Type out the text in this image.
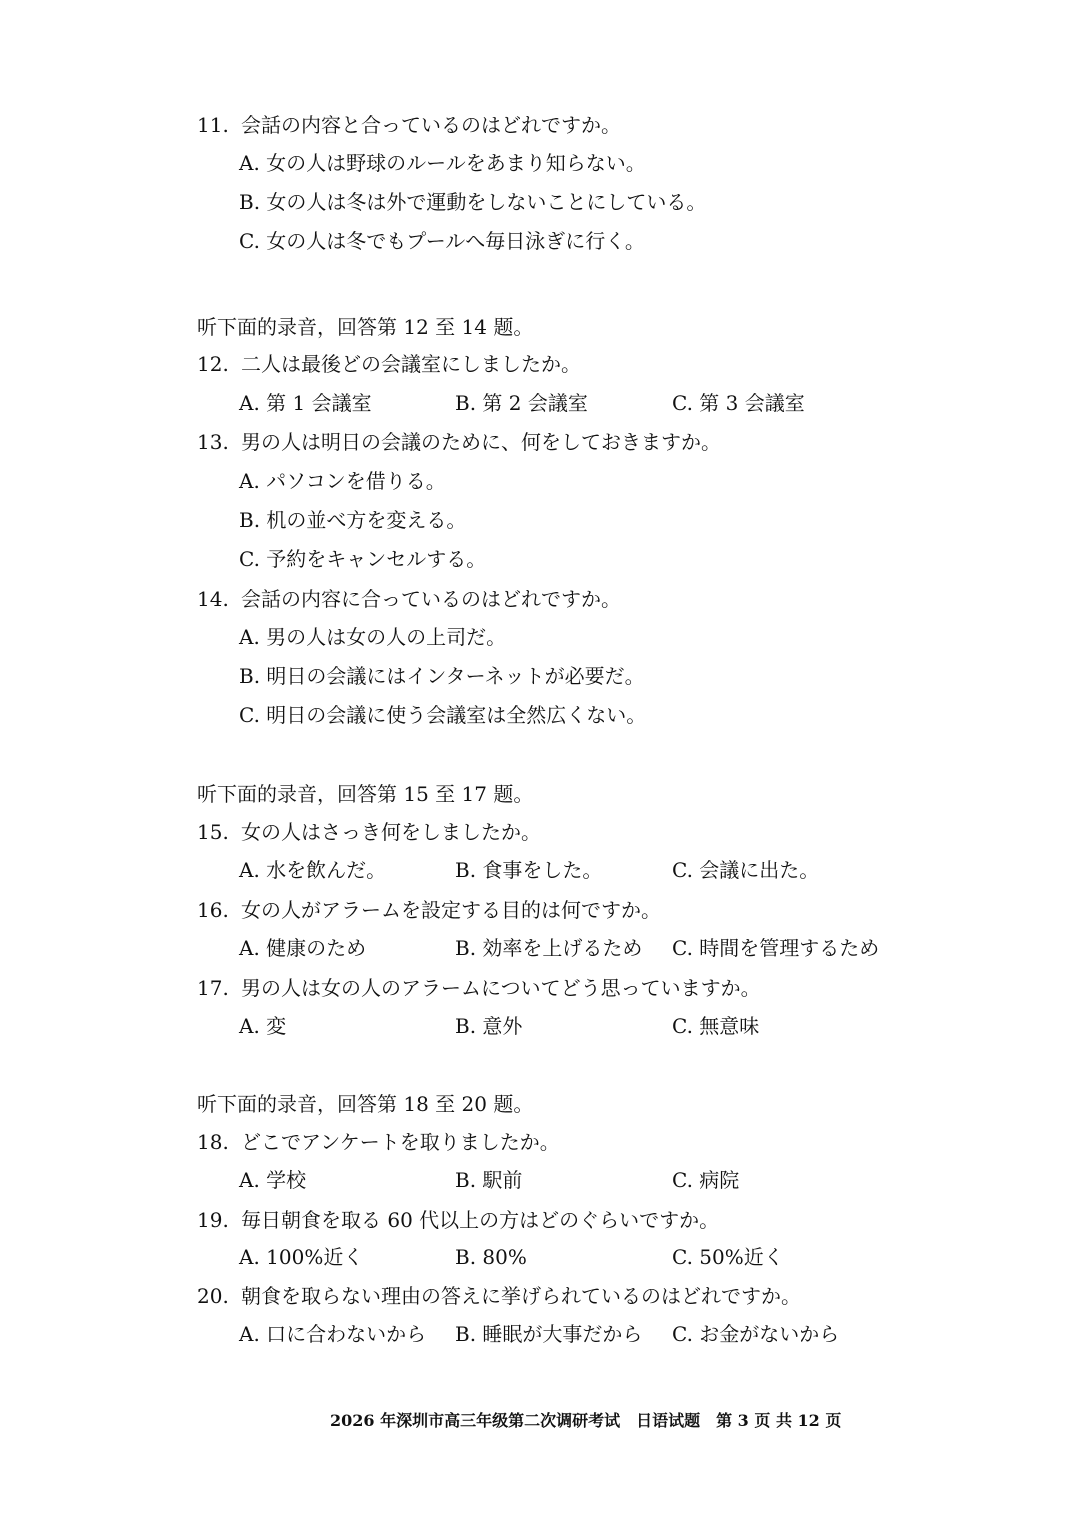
11. 会話の内容と合っているのはどれですか。
A. 女の人は野球のルールをあまり知らない。
B. 女の人は冬は外で運動をしないことにしている。
C. 女の人は冬でもプールへ毎日泳ぎに行く。
听下面的录音，回答第 12 至 14 题。
12. 二人は最後どの会議室にしましたか。
A. 第 1 会議室	B. 第 2 会議室	C. 第 3 会議室
13. 男の人は明日の会議のために、何をしておきますか。
A. パソコンを借りる。
B. 机の並べ方を変える。
C. 予約をキャンセルする。
14. 会話の内容に合っているのはどれですか。
A. 男の人は女の人の上司だ。
B. 明日の会議にはインターネットが必要だ。
C. 明日の会議に使う会議室は全然広くない。
听下面的录音，回答第 15 至 17 题。
15. 女の人はさっき何をしましたか。
A. 水を飲んだ。	B. 食事をした。	C. 会議に出た。
16. 女の人がアラームを設定する目的は何ですか。
A. 健康のため	B. 効率を上げるため C. 時間を管理するため
17. 男の人は女の人のアラームについてどう思っていますか。
A. 変	B. 意外	C. 無意味
听下面的录音，回答第 18 至 20 题。
18. どこでアンケートを取りましたか。
A. 学校	B. 駅前	C. 病院
19. 毎日朝食を取る 60 代以上の方はどのぐらいですか。
A. 100%近く	B. 80%	C. 50%近く
20. 朝食を取らない理由の答えに挙げられているのはどれですか。
A. 口に合わないから B. 睡眠が大事だから C. お金がないから
2026 年深圳市高三年级第二次调研考试　日语试题　第 3 页 共 12 页
